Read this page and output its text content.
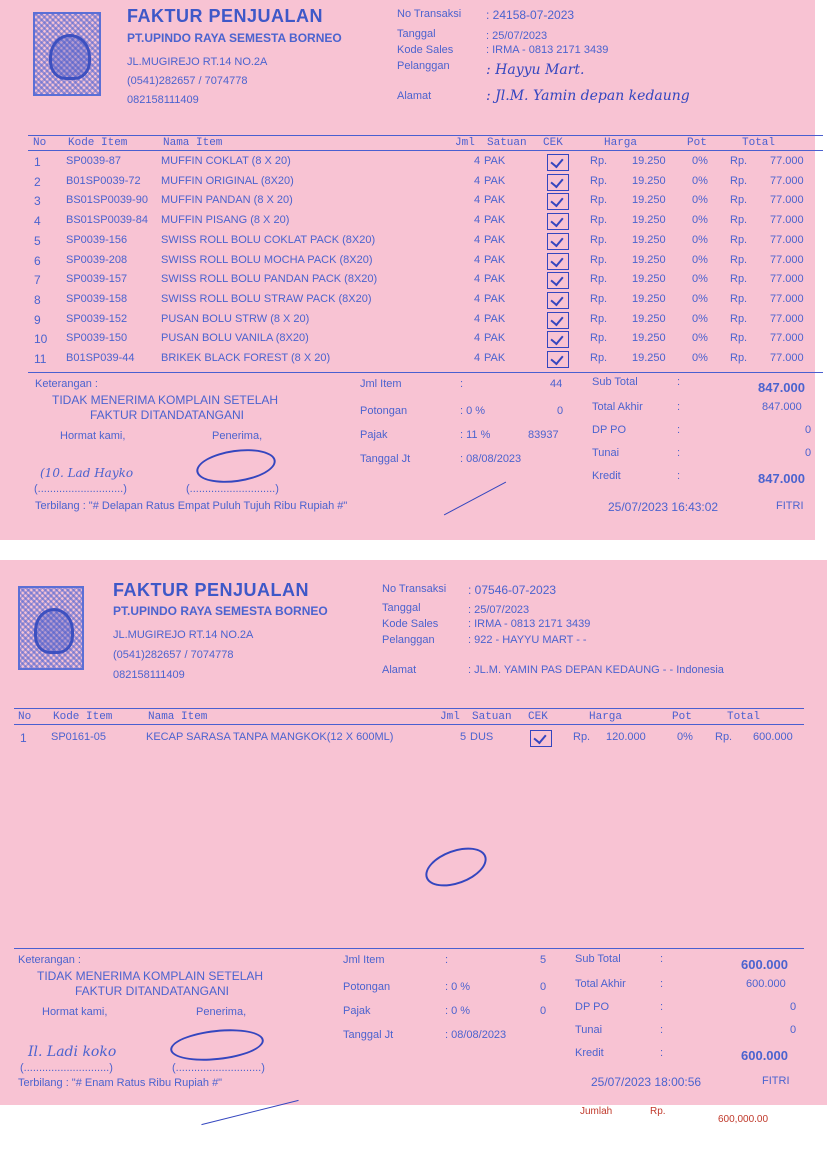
FAKTUR PENJUALAN
PT.UPINDO RAYA SEMESTA BORNEO
JL.MUGIREJO RT.14 NO.2A
(0541)282657 / 7074778
082158111409
No Transaksi : 24158-07-2023
Tanggal	: 25/07/2023
Kode Sales	: IRMA - 0813 2171 3439
Pelanggan	: Hayyu Mart.
Alamat	: Jl.M. Yamin depan kedaung
No Kode Item	Nama Item	Jml Satuan CEK	Harga	Pot	Total
1 SP0039-87	MUFFIN COKLAT (8 X 20)	4 PAK	Rp. 19.250 0% Rp. 77.000
2 B01SP0039-72 MUFFIN ORIGINAL (8X20)	4 PAK	Rp. 19.250 0% Rp. 77.000
3 BS01SP0039-90 MUFFIN PANDAN (8 X 20)	4 PAK	Rp. 19.250 0% Rp. 77.000
4 BS01SP0039-84 MUFFIN PISANG (8 X 20)	4 PAK	Rp. 19.250 0% Rp. 77.000
5 SP0039-156	SWISS ROLL BOLU COKLAT PACK (8X20)	4 PAK	Rp. 19.250 0% Rp. 77.000
6 SP0039-208	SWISS ROLL BOLU MOCHA PACK (8X20)	4 PAK	Rp. 19.250 0% Rp. 77.000
7 SP0039-157	SWISS ROLL BOLU PANDAN PACK (8X20)	4 PAK	Rp. 19.250 0% Rp. 77.000
8 SP0039-158	SWISS ROLL BOLU STRAW PACK (8X20)	4 PAK	Rp. 19.250 0% Rp. 77.000
9 SP0039-152	PUSAN BOLU STRW (8 X 20)	4 PAK	Rp. 19.250 0% Rp. 77.000
10 SP0039-150	PUSAN BOLU VANILA (8X20)	4 PAK	Rp. 19.250 0% Rp. 77.000
11 B01SP039-44 BRIKEK BLACK FOREST (8 X 20)	4 PAK	Rp. 19.250 0% Rp. 77.000
Keterangan :
TIDAK MENERIMA KOMPLAIN SETELAH
FAKTUR DITANDATANGANI
Hormat kami,	Penerima,
(10. Lad Hayko
(............................)	(............................)
Terbilang : "# Delapan Ratus Empat Puluh Tujuh Ribu Rupiah #"
Jml Item	:	44
Potongan	: 0 %	0
Pajak	: 11 %	83937
Tanggal Jt	: 08/08/2023
Sub Total	:	847.000
Total Akhir	:	847.000
DP PO	:	0
Tunai	:	0
Kredit	:	847.000
25/07/2023 16:43:02	FITRI
FAKTUR PENJUALAN
PT.UPINDO RAYA SEMESTA BORNEO
JL.MUGIREJO RT.14 NO.2A
(0541)282657 / 7074778
082158111409
No Transaksi : 07546-07-2023
Tanggal	: 25/07/2023
Kode Sales	: IRMA - 0813 2171 3439
Pelanggan	: 922 - HAYYU MART - -
Alamat	: JL.M. YAMIN PAS DEPAN KEDAUNG - - Indonesia
No Kode Item	Nama Item	Jml Satuan CEK	Harga	Pot	Total
1 SP0161-05	KECAP SARASA TANPA MANGKOK(12 X 600ML)	5 DUS	Rp. 120.000	0% Rp. 600.000
Keterangan :
TIDAK MENERIMA KOMPLAIN SETELAH
FAKTUR DITANDATANGANI
Hormat kami,	Penerima,
Il. Ladi koko
(............................)	(............................)
Terbilang : "# Enam Ratus Ribu Rupiah #"
Jml Item	:	5
Potongan	: 0 %	0
Pajak	: 0 %	0
Tanggal Jt	: 08/08/2023
Sub Total	:	600.000
Total Akhir	:	600.000
DP PO	:	0
Tunai	:	0
Kredit	:	600.000
25/07/2023 18:00:56	FITRI
Jumlah	Rp.
600,000.00
